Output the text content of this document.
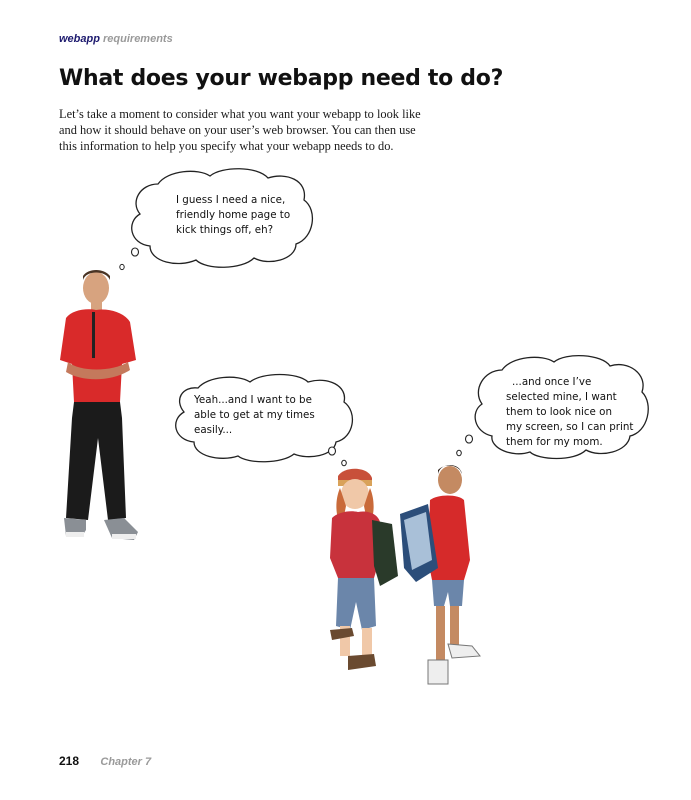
webapp requirements
What does your webapp need to do?

Let’s take a moment to consider what you want your webapp to look like and how it should behave on your user’s web browser. You can then use this information to help you specify what your webapp needs to do.

I guess I need a nice,
friendly home page to
kick things off, eh?
Yeah...and I want to be
able to get at my times
easily...
...and once I’ve
selected mine, I want
them to look nice on
my screen, so I can print
them for my mom.
218 Chapter 7
